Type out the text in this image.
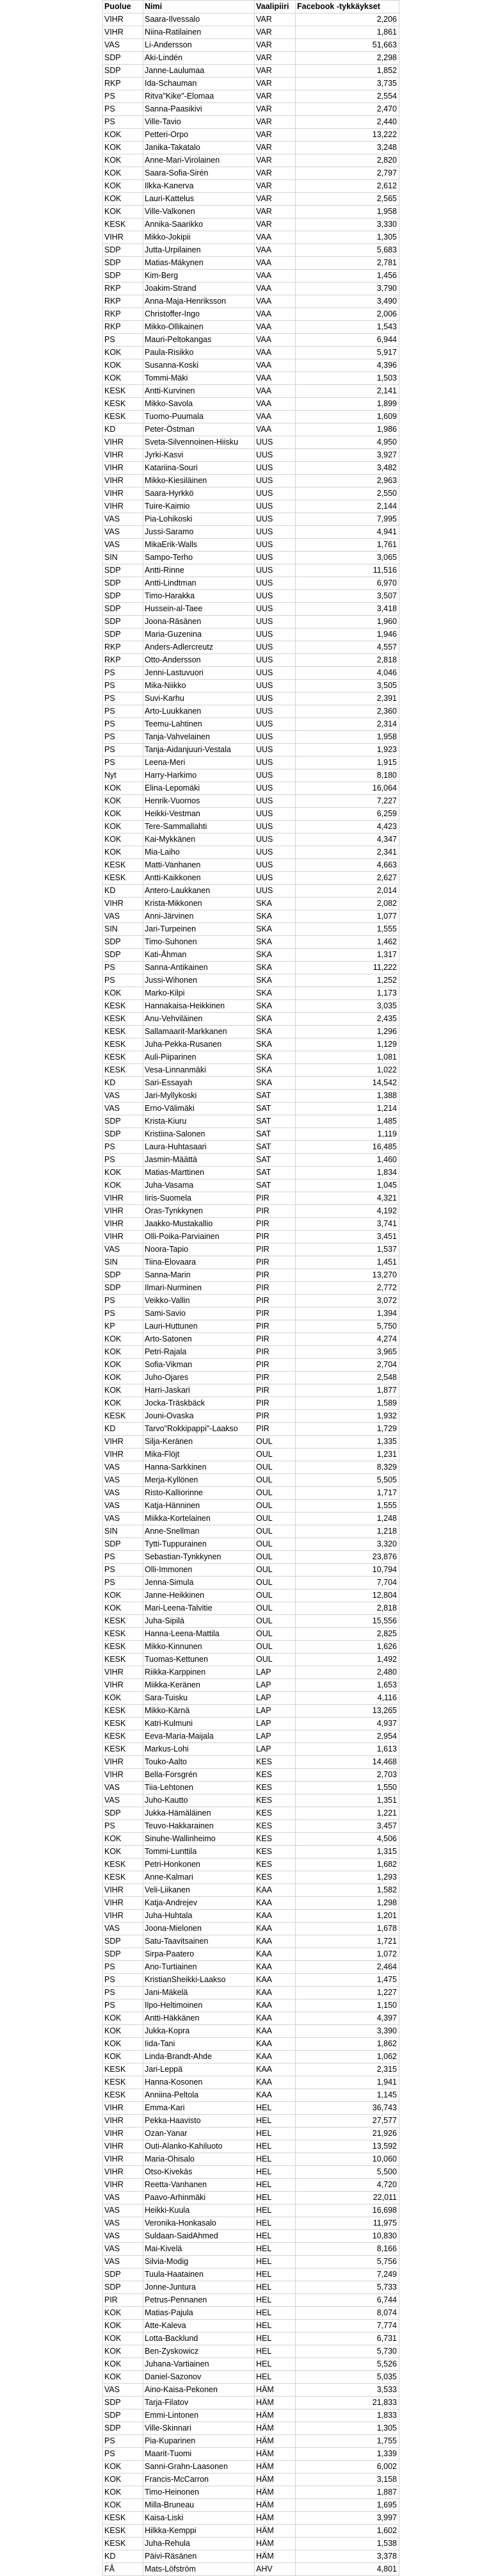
Puolue	Nimi	Vaalipiiri	Facebook -tykkäykset
VIHR	Saara-Ilvessalo	VAR	2,206
VIHR	Niina-Ratilainen	VAR	1,861
VAS	Li-Andersson	VAR	51,663
SDP	Aki-Lindén	VAR	2,298
SDP	Janne-Laulumaa	VAR	1,852
RKP	Ida-Schauman	VAR	3,735
PS	Ritva"Kike"-Elomaa	VAR	2,554
PS	Sanna-Paasikivi	VAR	2,470
PS	Ville-Tavio	VAR	2,440
KOK	Petteri-Orpo	VAR	13,222
KOK	Janika-Takatalo	VAR	3,248
KOK	Anne-Mari-Virolainen	VAR	2,820
KOK	Saara-Sofia-Sirén	VAR	2,797
KOK	Ilkka-Kanerva	VAR	2,612
KOK	Lauri-Kattelus	VAR	2,565
KOK	Ville-Valkonen	VAR	1,958
KESK	Annika-Saarikko	VAR	3,330
VIHR	Mikko-Jokipii	VAA	1,305
SDP	Jutta-Urpilainen	VAA	5,683
SDP	Matias-Mäkynen	VAA	2,781
SDP	Kim-Berg	VAA	1,456
RKP	Joakim-Strand	VAA	3,790
RKP	Anna-Maja-Henriksson	VAA	3,490
RKP	Christoffer-Ingo	VAA	2,006
RKP	Mikko-Ollikainen	VAA	1,543
PS	Mauri-Peltokangas	VAA	6,944
KOK	Paula-Risikko	VAA	5,917
KOK	Susanna-Koski	VAA	4,396
KOK	Tommi-Mäki	VAA	1,503
KESK	Antti-Kurvinen	VAA	2,141
KESK	Mikko-Savola	VAA	1,899
KESK	Tuomo-Puumala	VAA	1,609
KD	Peter-Östman	VAA	1,986
VIHR	Sveta-Silvennoinen-Hiisku	UUS	4,950
VIHR	Jyrki-Kasvi	UUS	3,927
VIHR	Katariina-Souri	UUS	3,482
VIHR	Mikko-Kiesiläinen	UUS	2,963
VIHR	Saara-Hyrkkö	UUS	2,550
VIHR	Tuire-Kaimio	UUS	2,144
VAS	Pia-Lohikoski	UUS	7,995
VAS	Jussi-Saramo	UUS	4,941
VAS	MikaErik-Walls	UUS	1,761
SIN	Sampo-Terho	UUS	3,065
SDP	Antti-Rinne	UUS	11,516
SDP	Antti-Lindtman	UUS	6,970
SDP	Timo-Harakka	UUS	3,507
SDP	Hussein-al-Taee	UUS	3,418
SDP	Joona-Räsänen	UUS	1,960
SDP	Maria-Guzenina	UUS	1,946
RKP	Anders-Adlercreutz	UUS	4,557
RKP	Otto-Andersson	UUS	2,818
PS	Jenni-Lastuvuori	UUS	4,046
PS	Mika-Niikko	UUS	3,505
PS	Suvi-Karhu	UUS	2,391
PS	Arto-Luukkanen	UUS	2,360
PS	Teemu-Lahtinen	UUS	2,314
PS	Tanja-Vahvelainen	UUS	1,958
PS	Tanja-Aidanjuuri-Vestala	UUS	1,923
PS	Leena-Meri	UUS	1,915
Nyt	Harry-Harkimo	UUS	8,180
KOK	Elina-Lepomäki	UUS	16,064
KOK	Henrik-Vuornos	UUS	7,227
KOK	Heikki-Vestman	UUS	6,259
KOK	Tere-Sammallahti	UUS	4,423
KOK	Kai-Mykkänen	UUS	4,347
KOK	Mia-Laiho	UUS	2,341
KESK	Matti-Vanhanen	UUS	4,663
KESK	Antti-Kaikkonen	UUS	2,627
KD	Antero-Laukkanen	UUS	2,014
VIHR	Krista-Mikkonen	SKA	2,082
VAS	Anni-Järvinen	SKA	1,077
SIN	Jari-Turpeinen	SKA	1,555
SDP	Timo-Suhonen	SKA	1,462
SDP	Kati-Åhman	SKA	1,317
PS	Sanna-Antikainen	SKA	11,222
PS	Jussi-Wihonen	SKA	1,252
KOK	Marko-Kilpi	SKA	1,173
KESK	Hannakaisa-Heikkinen	SKA	3,035
KESK	Anu-Vehviläinen	SKA	2,435
KESK	Sallamaarit-Markkanen	SKA	1,296
KESK	Juha-Pekka-Rusanen	SKA	1,129
KESK	Auli-Piiparinen	SKA	1,081
KESK	Vesa-Linnanmäki	SKA	1,022
KD	Sari-Essayah	SKA	14,542
VAS	Jari-Myllykoski	SAT	1,388
VAS	Erno-Välimäki	SAT	1,214
SDP	Krista-Kiuru	SAT	1,485
SDP	Kristiina-Salonen	SAT	1,119
PS	Laura-Huhtasaari	SAT	16,485
PS	Jasmin-Määttä	SAT	1,460
KOK	Matias-Marttinen	SAT	1,834
KOK	Juha-Vasama	SAT	1,045
VIHR	Iiris-Suomela	PIR	4,321
VIHR	Oras-Tynkkynen	PIR	4,192
VIHR	Jaakko-Mustakallio	PIR	3,741
VIHR	Olli-Poika-Parviainen	PIR	3,451
VAS	Noora-Tapio	PIR	1,537
SIN	Tiina-Elovaara	PIR	1,451
SDP	Sanna-Marin	PIR	13,270
SDP	Ilmari-Nurminen	PIR	2,772
PS	Veikko-Vallin	PIR	3,072
PS	Sami-Savio	PIR	1,394
KP	Lauri-Huttunen	PIR	5,750
KOK	Arto-Satonen	PIR	4,274
KOK	Petri-Rajala	PIR	3,965
KOK	Sofia-Vikman	PIR	2,704
KOK	Juho-Ojares	PIR	2,548
KOK	Harri-Jaskari	PIR	1,877
KOK	Jocka-Träskbäck	PIR	1,589
KESK	Jouni-Ovaska	PIR	1,932
KD	Tarvo"Rokkipappi"-Laakso	PIR	1,729
VIHR	Silja-Keränen	OUL	1,335
VIHR	Mika-Flöjt	OUL	1,231
VAS	Hanna-Sarkkinen	OUL	8,329
VAS	Merja-Kyllönen	OUL	5,505
VAS	Risto-Kalliorinne	OUL	1,717
VAS	Katja-Hänninen	OUL	1,555
VAS	Miikka-Kortelainen	OUL	1,248
SIN	Anne-Snellman	OUL	1,218
SDP	Tytti-Tuppurainen	OUL	3,320
PS	Sebastian-Tynkkynen	OUL	23,876
PS	Olli-Immonen	OUL	10,794
PS	Jenna-Simula	OUL	7,704
KOK	Janne-Heikkinen	OUL	12,804
KOK	Mari-Leena-Talvitie	OUL	2,818
KESK	Juha-Sipilä	OUL	15,556
KESK	Hanna-Leena-Mattila	OUL	2,825
KESK	Mikko-Kinnunen	OUL	1,626
KESK	Tuomas-Kettunen	OUL	1,492
VIHR	Riikka-Karppinen	LAP	2,480
VIHR	Miikka-Keränen	LAP	1,653
KOK	Sara-Tuisku	LAP	4,116
KESK	Mikko-Kärnä	LAP	13,265
KESK	Katri-Kulmuni	LAP	4,937
KESK	Eeva-Maria-Maijala	LAP	2,954
KESK	Markus-Lohi	LAP	1,613
VIHR	Touko-Aalto	KES	14,468
VIHR	Bella-Forsgrén	KES	2,703
VAS	Tiia-Lehtonen	KES	1,550
VAS	Juho-Kautto	KES	1,351
SDP	Jukka-Hämäläinen	KES	1,221
PS	Teuvo-Hakkarainen	KES	3,457
KOK	Sinuhe-Wallinheimo	KES	4,506
KOK	Tommi-Lunttila	KES	1,315
KESK	Petri-Honkonen	KES	1,682
KESK	Anne-Kalmari	KES	1,293
VIHR	Veli-Liikanen	KAA	1,582
VIHR	Katja-Andrejev	KAA	1,298
VIHR	Juha-Huhtala	KAA	1,201
VAS	Joona-Mielonen	KAA	1,678
SDP	Satu-Taavitsainen	KAA	1,721
SDP	Sirpa-Paatero	KAA	1,072
PS	Ano-Turtiainen	KAA	2,464
PS	KristianSheikki-Laakso	KAA	1,475
PS	Jani-Mäkelä	KAA	1,227
PS	Ilpo-Heltimoinen	KAA	1,150
KOK	Antti-Häkkänen	KAA	4,397
KOK	Jukka-Kopra	KAA	3,390
KOK	Iida-Tani	KAA	1,862
KOK	Linda-Brandt-Ahde	KAA	1,062
KESK	Jari-Leppä	KAA	2,315
KESK	Hanna-Kosonen	KAA	1,941
KESK	Anniina-Peltola	KAA	1,145
VIHR	Emma-Kari	HEL	36,743
VIHR	Pekka-Haavisto	HEL	27,577
VIHR	Ozan-Yanar	HEL	21,926
VIHR	Outi-Alanko-Kahiluoto	HEL	13,592
VIHR	Maria-Ohisalo	HEL	10,060
VIHR	Otso-Kivekäs	HEL	5,500
VIHR	Reetta-Vanhanen	HEL	4,720
VAS	Paavo-Arhinmäki	HEL	22,011
VAS	Heikki-Kuula	HEL	16,698
VAS	Veronika-Honkasalo	HEL	11,975
VAS	Suldaan-SaidAhmed	HEL	10,830
VAS	Mai-Kivelä	HEL	8,166
VAS	Silvia-Modig	HEL	5,756
SDP	Tuula-Haatainen	HEL	7,249
SDP	Jonne-Juntura	HEL	5,733
PIR	Petrus-Pennanen	HEL	6,744
KOK	Matias-Pajula	HEL	8,074
KOK	Atte-Kaleva	HEL	7,774
KOK	Lotta-Backlund	HEL	6,731
KOK	Ben-Zyskowicz	HEL	5,730
KOK	Juhana-Vartiainen	HEL	5,526
KOK	Daniel-Sazonov	HEL	5,035
VAS	Aino-Kaisa-Pekonen	HÄM	3,533
SDP	Tarja-Filatov	HÄM	21,833
SDP	Emmi-Lintonen	HÄM	1,833
SDP	Ville-Skinnari	HÄM	1,305
PS	Pia-Kuparinen	HÄM	1,755
PS	Maarit-Tuomi	HÄM	1,339
KOK	Sanni-Grahn-Laasonen	HÄM	6,002
KOK	Francis-McCarron	HÄM	3,158
KOK	Timo-Heinonen	HÄM	1,887
KOK	Milla-Bruneau	HÄM	1,695
KESK	Kaisa-Liski	HÄM	3,997
KESK	Hilkka-Kemppi	HÄM	1,602
KESK	Juha-Rehula	HÄM	1,538
KD	Päivi-Räsänen	HÄM	3,378
FÅ	Mats-Löfström	AHV	4,801
